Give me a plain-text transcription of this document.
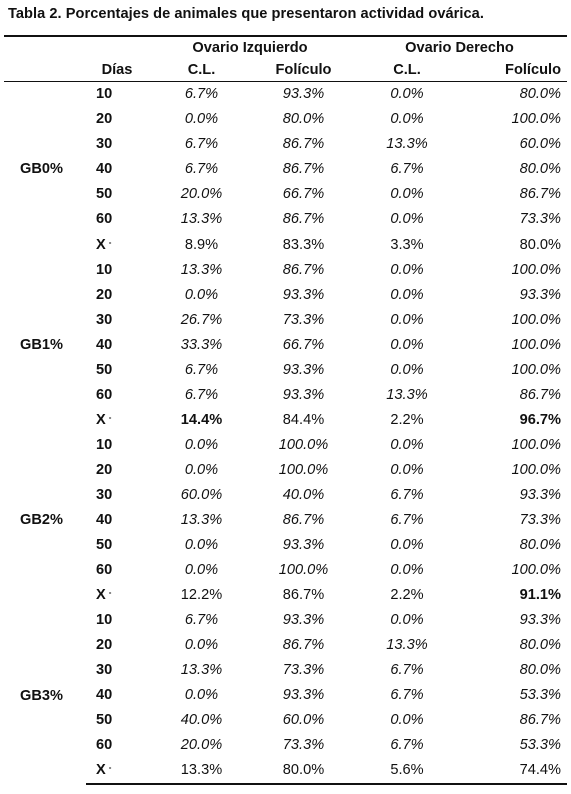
Tabla 2. Porcentajes de animales que presentaron actividad ovárica.
		Ovario Izquierdo		Ovario Derecho	
	Días	C.L.	Folículo	C.L.	Folículo
GB0%	10	6.7%	93.3%	0.0%	80.0%
	20	0.0%	80.0%	0.0%	100.0%
	30	6.7%	86.7%	13.3%	60.0%
	40	6.7%	86.7%	6.7%	80.0%
	50	20.0%	66.7%	0.0%	86.7%
	60	13.3%	86.7%	0.0%	73.3%
	X -	8.9%	83.3%	3.3%	80.0%
GB1%	10	13.3%	86.7%	0.0%	100.0%
	20	0.0%	93.3%	0.0%	93.3%
	30	26.7%	73.3%	0.0%	100.0%
	40	33.3%	66.7%	0.0%	100.0%
	50	6.7%	93.3%	0.0%	100.0%
	60	6.7%	93.3%	13.3%	86.7%
	X -	14.4%	84.4%	2.2%	96.7%
GB2%	10	0.0%	100.0%	0.0%	100.0%
	20	0.0%	100.0%	0.0%	100.0%
	30	60.0%	40.0%	6.7%	93.3%
	40	13.3%	86.7%	6.7%	73.3%
	50	0.0%	93.3%	0.0%	80.0%
	60	0.0%	100.0%	0.0%	100.0%
	X -	12.2%	86.7%	2.2%	91.1%
GB3%	10	6.7%	93.3%	0.0%	93.3%
	20	0.0%	86.7%	13.3%	80.0%
	30	13.3%	73.3%	6.7%	80.0%
	40	0.0%	93.3%	6.7%	53.3%
	50	40.0%	60.0%	0.0%	86.7%
	60	20.0%	73.3%	6.7%	53.3%
	X -	13.3%	80.0%	5.6%	74.4%
